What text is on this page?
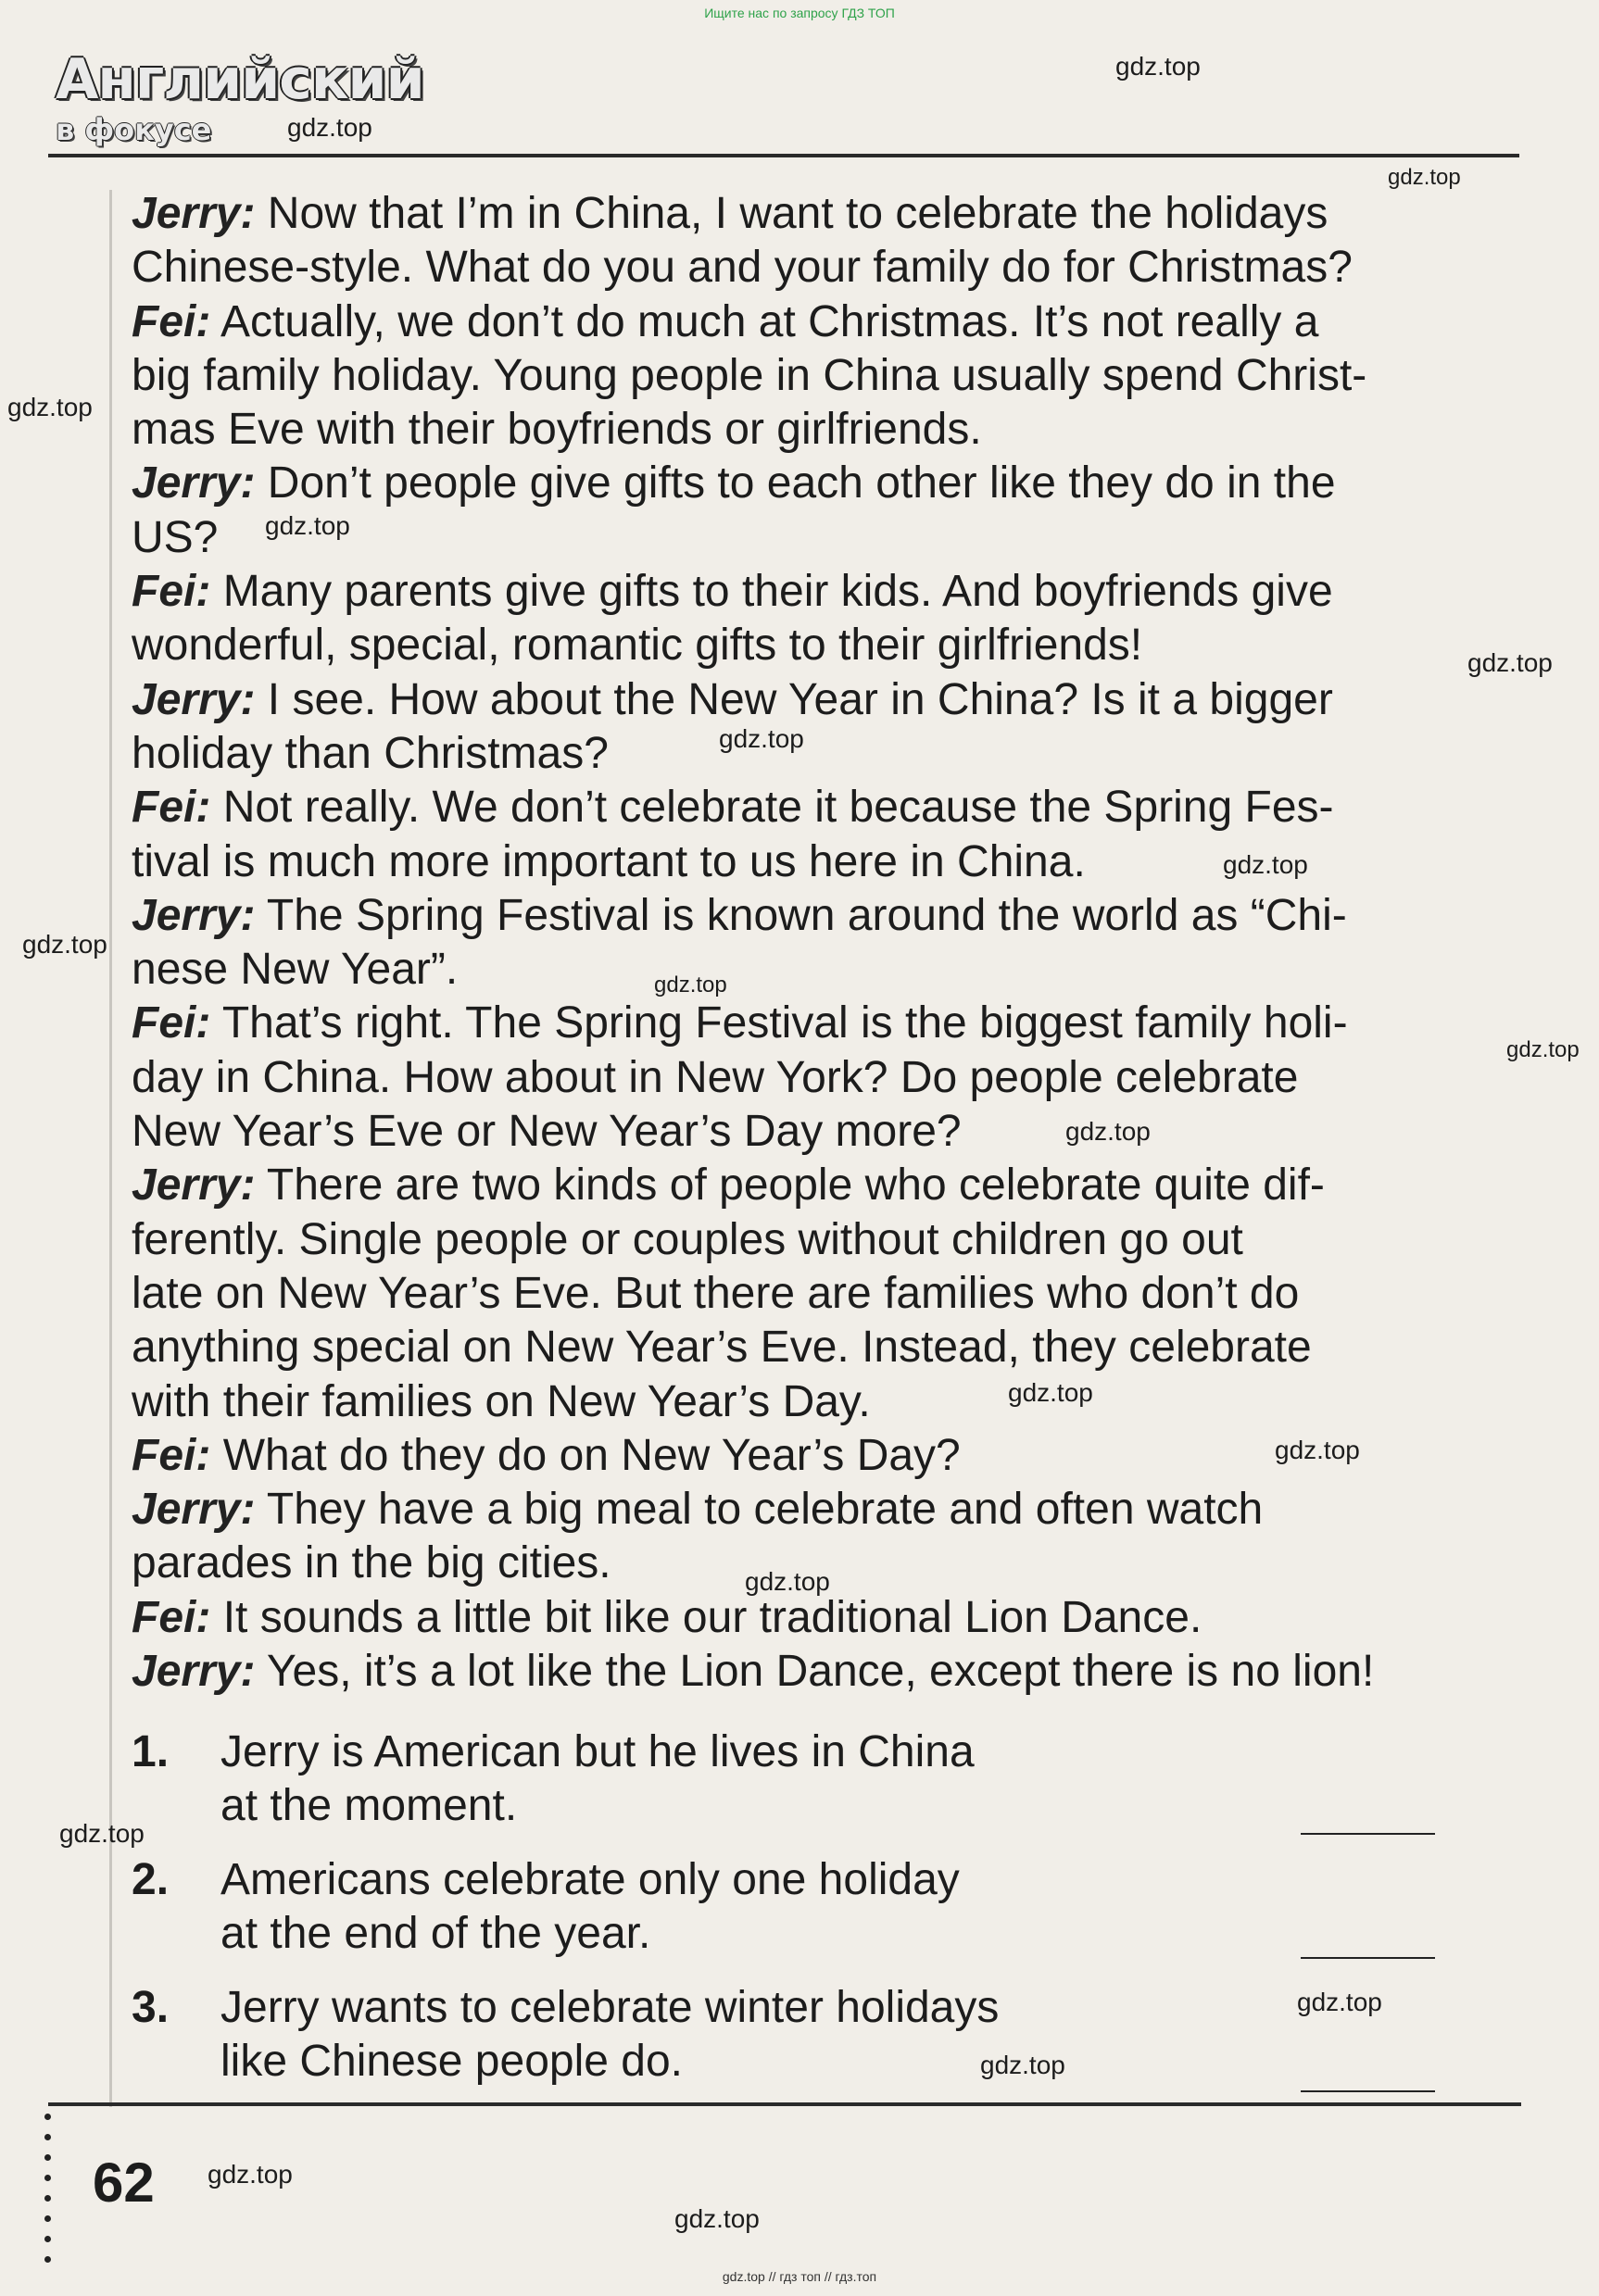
Ищите нас по запросу ГДЗ ТОП
Английский
в фокусе
Jerry: Now that I’m in China, I want to celebrate the holidays
Chinese-style. What do you and your family do for Christmas?
Fei: Actually, we don’t do much at Christmas. It’s not really a
big family holiday. Young people in China usually spend Christ-
mas Eve with their boyfriends or girlfriends.
Jerry: Don’t people give gifts to each other like they do in the
US?
Fei: Many parents give gifts to their kids. And boyfriends give
wonderful, special, romantic gifts to their girlfriends!
Jerry: I see. How about the New Year in China? Is it a bigger
holiday than Christmas?
Fei: Not really. We don’t celebrate it because the Spring Fes-
tival is much more important to us here in China.
Jerry: The Spring Festival is known around the world as “Chi-
nese New Year”.
Fei: That’s right. The Spring Festival is the biggest family holi-
day in China. How about in New York? Do people celebrate
New Year’s Eve or New Year’s Day more?
Jerry: There are two kinds of people who celebrate quite dif-
ferently. Single people or couples without children go out
late on New Year’s Eve. But there are families who don’t do
anything special on New Year’s Eve. Instead, they celebrate
with their families on New Year’s Day.
Fei: What do they do on New Year’s Day?
Jerry: They have a big meal to celebrate and often watch
parades in the big cities.
Fei: It sounds a little bit like our traditional Lion Dance.
Jerry: Yes, it’s a lot like the Lion Dance, except there is no lion!
1. Jerry is American but he lives in China
at the moment.
2. Americans celebrate only one holiday
at the end of the year.
3. Jerry wants to celebrate winter holidays
like Chinese people do.
62
gdz.top
gdz.top
gdz.top
gdz.top
gdz.top
gdz.top
gdz.top
gdz.top
gdz.top
gdz.top
gdz.top
gdz.top
gdz.top
gdz.top
gdz.top
gdz.top
gdz.top
gdz.top
gdz.top
gdz.top
gdz.top // гдз топ // гдз.топ
